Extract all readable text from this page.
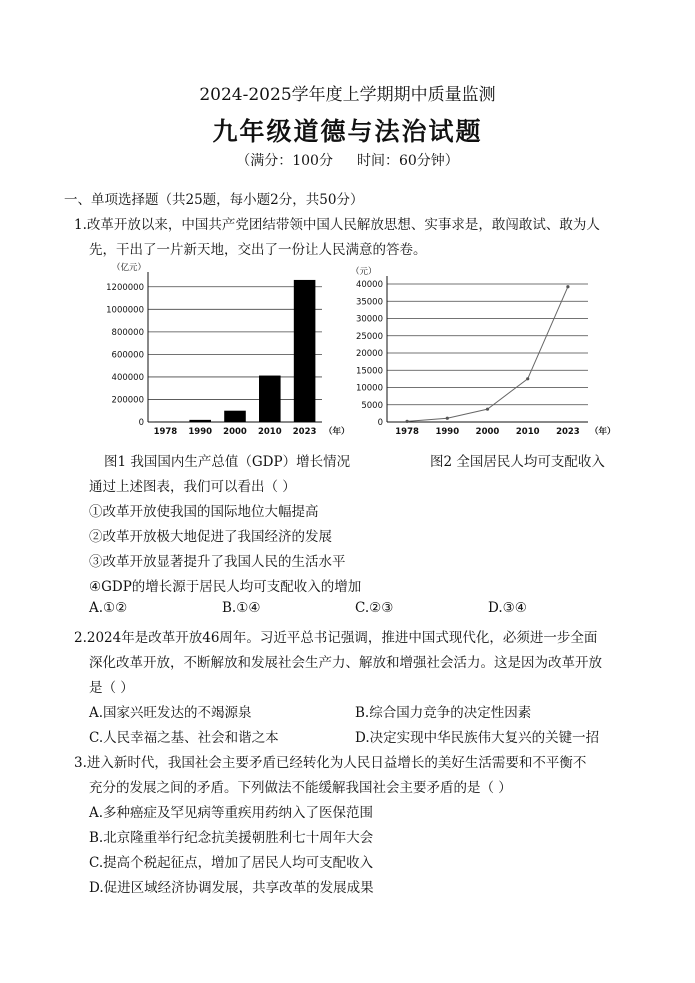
2024-2025学年度上学期期中质量监测
九年级道德与法治试题
（满分：100分 时间：60分钟）
一、单项选择题（共25题，每小题2分，共50分）
1.改革开放以来，中国共产党团结带领中国人民解放思想、实事求是，敢闯敢试、敢为人
先，干出了一片新天地，交出了一份让人民满意的答卷。
0
200000
400000
600000
800000
1000000
1200000
（亿元）
1978 1990 2000 2010 2023 （年）
0
5000
10000
15000
20000
25000
30000
35000
40000
（元）
1978 1990 2000 2010 2023 （年）
图1 我国国内生产总值（GDP）增长情况	图2 全国居民人均可支配收入
通过上述图表，我们可以看出（ ）
①改革开放使我国的国际地位大幅提高
②改革开放极大地促进了我国经济的发展
③改革开放显著提升了我国人民的生活水平
④GDP的增长源于居民人均可支配收入的增加
A.①②	B.①④	C.②③	D.③④
2.2024年是改革开放46周年。习近平总书记强调，推进中国式现代化，必须进一步全面
深化改革开放，不断解放和发展社会生产力、解放和增强社会活力。这是因为改革开放
是（ ）
A.国家兴旺发达的不竭源泉	B.综合国力竞争的决定性因素
C.人民幸福之基、社会和谐之本	D.决定实现中华民族伟大复兴的关键一招
3.进入新时代，我国社会主要矛盾已经转化为人民日益增长的美好生活需要和不平衡不
充分的发展之间的矛盾。下列做法不能缓解我国社会主要矛盾的是（ ）
A.多种癌症及罕见病等重疾用药纳入了医保范围
B.北京隆重举行纪念抗美援朝胜利七十周年大会
C.提高个税起征点，增加了居民人均可支配收入
D.促进区域经济协调发展，共享改革的发展成果
